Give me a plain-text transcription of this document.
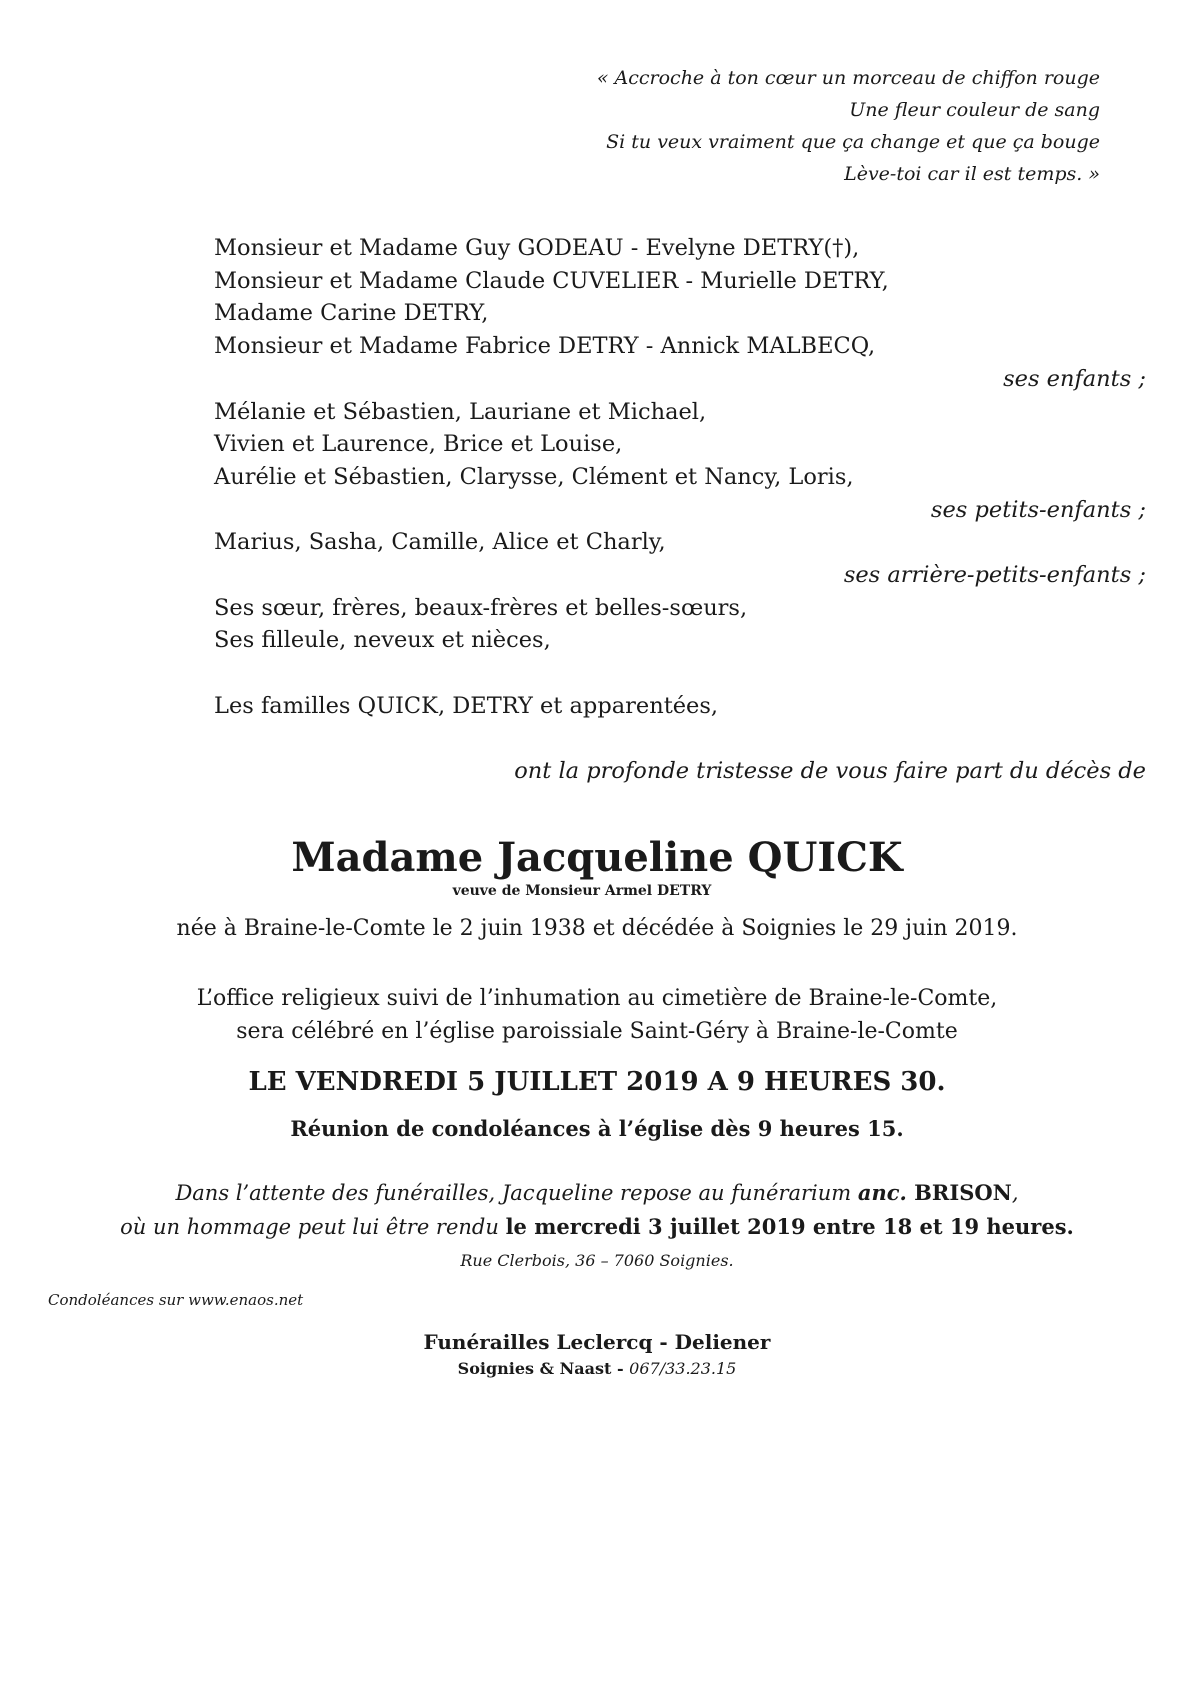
« Accroche à ton cœur un morceau de chiffon rouge
Une fleur couleur de sang
Si tu veux vraiment que ça change et que ça bouge
Lève-toi car il est temps. »
Monsieur et Madame Guy GODEAU - Evelyne DETRY(†),
Monsieur et Madame Claude CUVELIER - Murielle DETRY,
Madame Carine DETRY,
Monsieur et Madame Fabrice DETRY - Annick MALBECQ,
ses enfants ;
Mélanie et Sébastien, Lauriane et Michael,
Vivien et Laurence, Brice et Louise,
Aurélie et Sébastien, Clarysse, Clément et Nancy, Loris,
ses petits-enfants ;
Marius, Sasha, Camille, Alice et Charly,
ses arrière-petits-enfants ;
Ses sœur, frères, beaux-frères et belles-sœurs,
Ses filleule, neveux et nièces,
Les familles QUICK, DETRY et apparentées,
ont la profonde tristesse de vous faire part du décès de
Madame Jacqueline QUICK
veuve de Monsieur Armel DETRY
née à Braine-le-Comte le 2 juin 1938 et décédée à Soignies le 29 juin 2019.
L’office religieux suivi de l’inhumation au cimetière de Braine-le-Comte,
sera célébré en l’église paroissiale Saint-Géry à Braine-le-Comte
LE VENDREDI 5 JUILLET 2019 A 9 HEURES 30.
Réunion de condoléances à l’église dès 9 heures 15.
Dans l’attente des funérailles, Jacqueline repose au funérarium anc. BRISON,
où un hommage peut lui être rendu le mercredi 3 juillet 2019 entre 18 et 19 heures.
Rue Clerbois, 36 – 7060 Soignies.
Condoléances sur www.enaos.net
Funérailles Leclercq - Deliener
Soignies & Naast - 067/33.23.15
